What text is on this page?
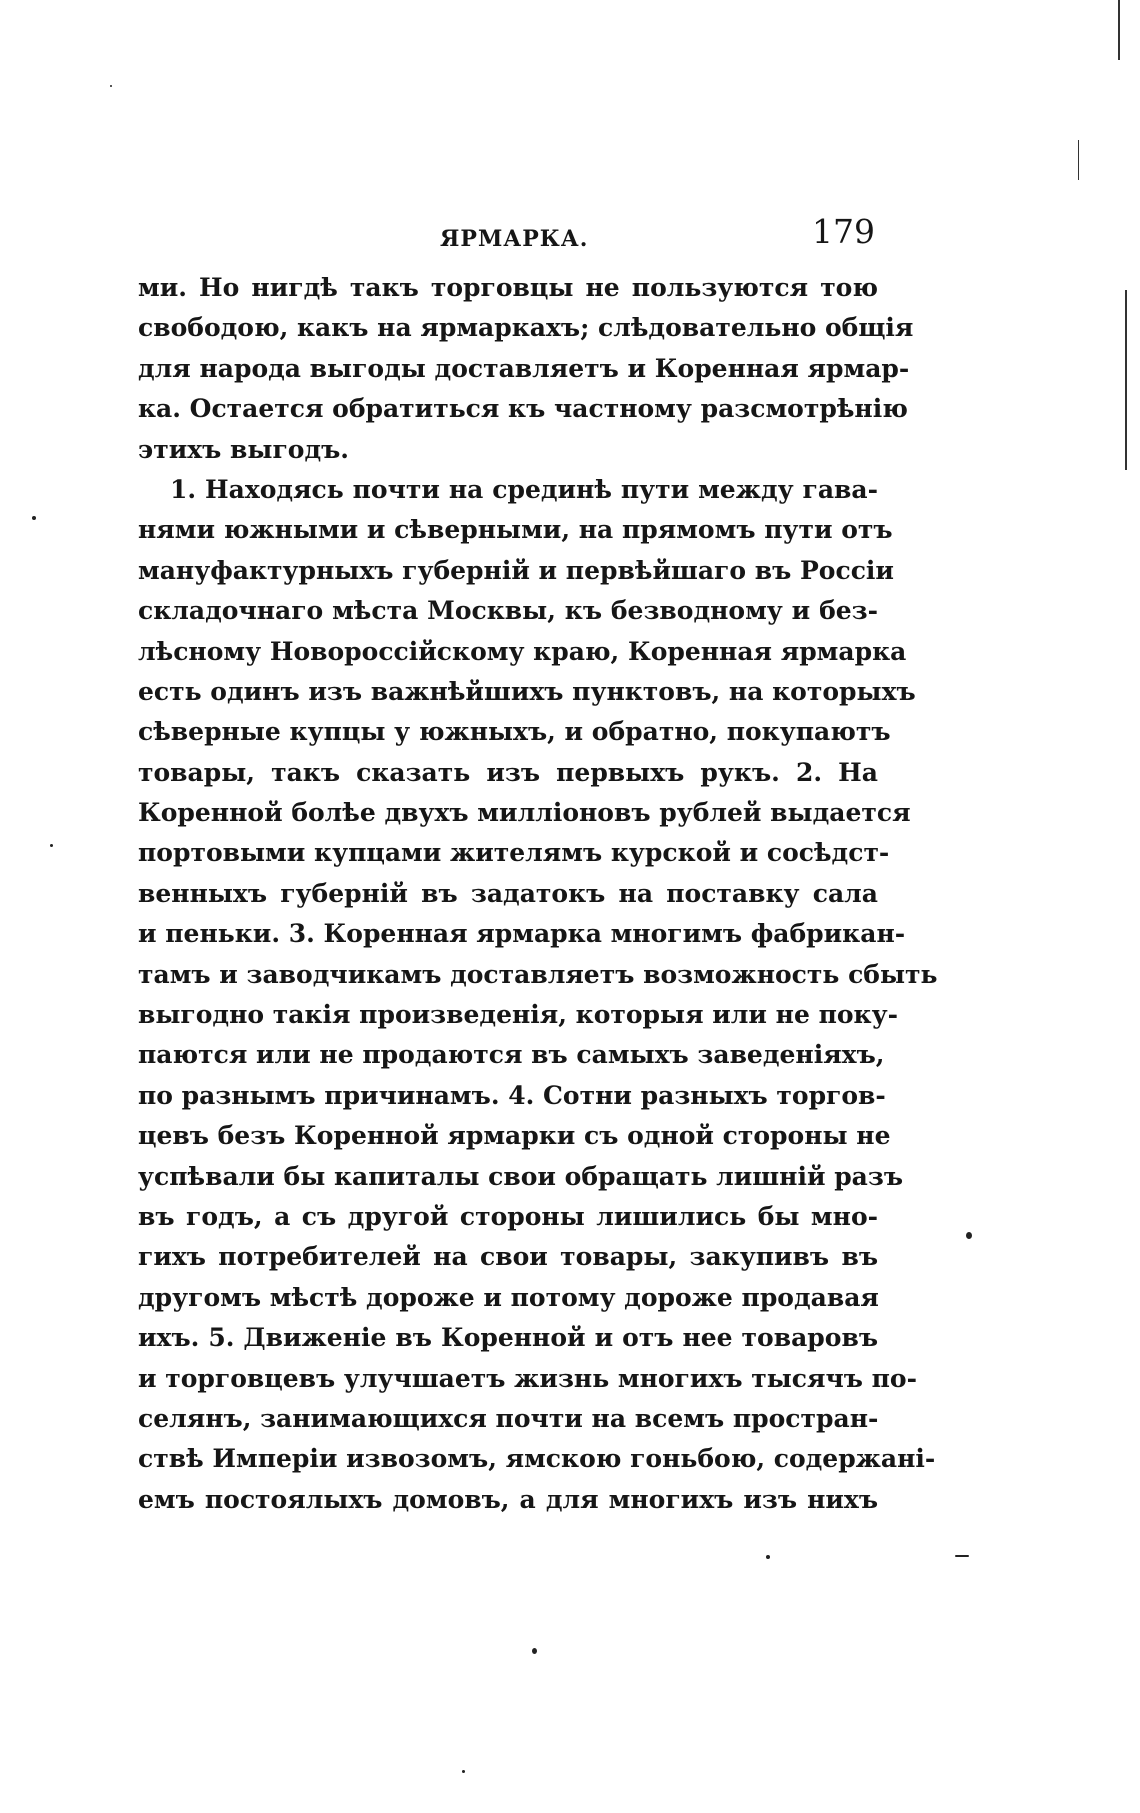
ЯРМАРКА.	179
ми. Но нигдѣ такъ торговцы не пользуются тою
свободою, какъ на ярмаркахъ; слѣдовательно общія
для народа выгоды доставляетъ и Коренная ярмар-
ка. Остается обратиться къ частному разсмотрѣнію
этихъ выгодъ.
1. Находясь почти на срединѣ пути между гава-
нями южными и сѣверными, на прямомъ пути отъ
мануфактурныхъ губерній и первѣйшаго въ Россіи
складочнаго мѣста Москвы, къ безводному и без-
лѣсному Новороссійскому краю, Коренная ярмарка
есть одинъ изъ важнѣйшихъ пунктовъ, на которыхъ
сѣверные купцы у южныхъ, и обратно, покупаютъ
товары, такъ сказать изъ первыхъ рукъ. 2. На
Коренной болѣе двухъ милліоновъ рублей выдается
портовыми купцами жителямъ курской и сосѣдст-
венныхъ губерній въ задатокъ на поставку сала
и пеньки. 3. Коренная ярмарка многимъ фабрикан-
тамъ и заводчикамъ доставляетъ возможность сбыть
выгодно такія произведенія, которыя или не поку-
паются или не продаются въ самыхъ заведеніяхъ,
по разнымъ причинамъ. 4. Сотни разныхъ торгов-
цевъ безъ Коренной ярмарки съ одной стороны не
успѣвали бы капиталы свои обращать лишній разъ
въ годъ, а съ другой стороны лишились бы мно-
гихъ потребителей на свои товары, закупивъ въ
другомъ мѣстѣ дороже и потому дороже продавая
ихъ. 5. Движеніе въ Коренной и отъ нее товаровъ
и торговцевъ улучшаетъ жизнь многихъ тысячъ по-
селянъ, занимающихся почти на всемъ простран-
ствѣ Имперіи извозомъ, ямскою гоньбою, содержані-
емъ постоялыхъ домовъ, а для многихъ изъ нихъ
